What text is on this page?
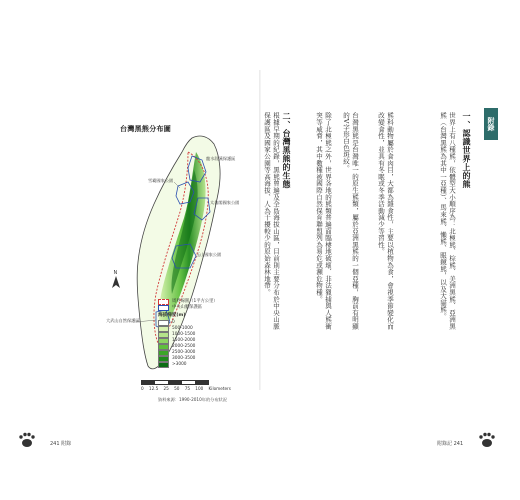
台灣黑熊分布圖
龍水段溪保護區
雪霸國家公園
太魯閣國家公園
玉山國家公園
大武山自然保護區
N
周界線圍（1平方公里）
中央山脈保護區
海拔梯度(m)
0
500-1000
1000-1500
1500-2000
2000-2500
2500-3000
3000-3500
>3000
0 12.5 25 50 75 100 Kilometers
資料來源：1990-2010年的分布狀況
241 附錄
附錄
一、認識世界上的熊
世界上有八種熊，依體型大小順序為：北極熊、棕熊、美洲黑熊、亞洲黑熊（台灣黑熊為其中一亞種）、馬來熊、懶熊、眼鏡熊，以及大貓熊。
熊科動物屬於食肉目，大都為雜食性，主要以植物為食，會視季節變化而改變食性，並具有冬眠或冬季活動減少等習性。
台灣黑熊是台灣唯一的原生熊類，屬於亞洲黑熊的一個亞種，胸前有明顯的V字形白色斑紋。
除了北極熊之外，世界各地的熊類普遍面臨棲地破壞、非法獵捕與人熊衝突等威脅，其中數種被國際自然保育聯盟列為易危或瀕危物種。
二、台灣黑熊的生態
根據早期的紀錄，黑熊曾遍及全島海拔山區，目前則主要分布於中央山脈保護區及國家公園等高海拔、人為干擾較少的原始森林地帶。
附錄記 241
